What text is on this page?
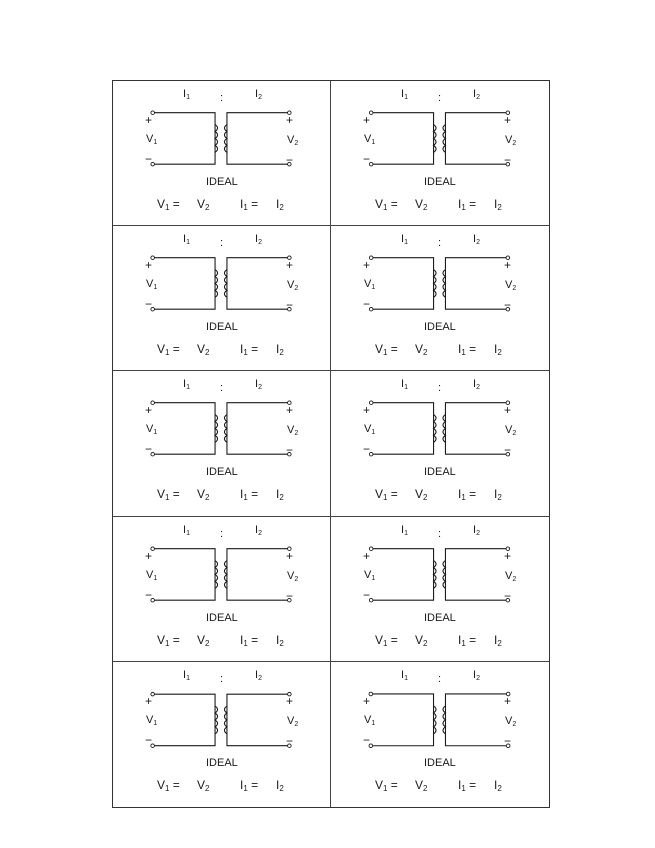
$I_1$	:	$I_2$
+
$V_1$
−
+
$V_2$
−
IDEAL
$V_1 = V_2$	$I_1 = I_2$
$I_1$	:	$I_2$
+
$V_1$
−
+
$V_2$
−
IDEAL
$V_1 = V_2$	$I_1 = I_2$
$I_1$	:	$I_2$
+
$V_1$
−
+
$V_2$
−
IDEAL
$V_1 = V_2$	$I_1 = I_2$
$I_1$	:	$I_2$
+
$V_1$
−
+
$V_2$
−
IDEAL
$V_1 = V_2$	$I_1 = I_2$
$I_1$	:	$I_2$
+
$V_1$
−
+
$V_2$
−
IDEAL
$V_1 = V_2$	$I_1 = I_2$
$I_1$	:	$I_2$
+
$V_1$
−
+
$V_2$
−
IDEAL
$V_1 = V_2$	$I_1 = I_2$
$I_1$	:	$I_2$
+
$V_1$
−
+
$V_2$
−
IDEAL
$V_1 = V_2$	$I_1 = I_2$
$I_1$	:	$I_2$
+
$V_1$
−
+
$V_2$
−
IDEAL
$V_1 = V_2$	$I_1 = I_2$
$I_1$	:	$I_2$
+
$V_1$
−
+
$V_2$
−
IDEAL
$V_1 = V_2$	$I_1 = I_2$
$I_1$	:	$I_2$
+
$V_1$
−
+
$V_2$
−
IDEAL
$V_1 = V_2$	$I_1 = I_2$
